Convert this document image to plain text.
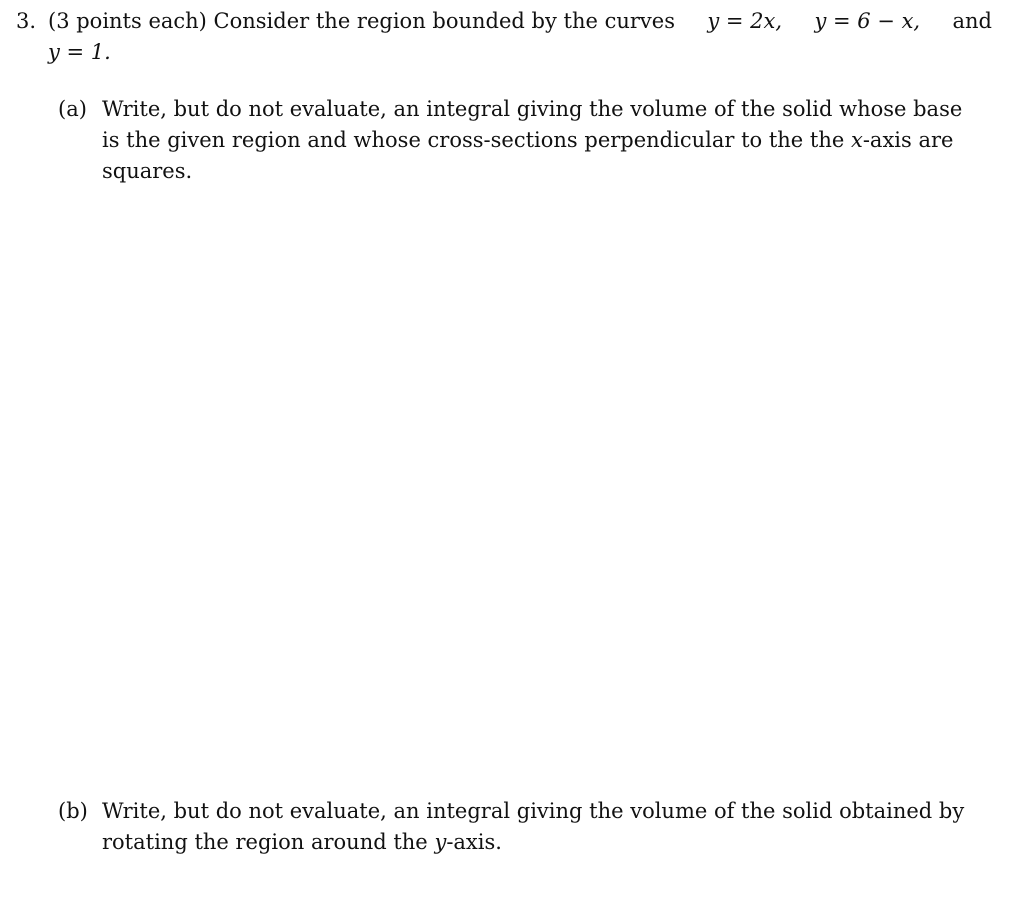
3. (3 points each) Consider the region bounded by the curves y = 2x, y = 6 − x, and
y = 1.
(a) Write, but do not evaluate, an integral giving the volume of the solid whose base
is the given region and whose cross-sections perpendicular to the the x-axis are
squares.
(b) Write, but do not evaluate, an integral giving the volume of the solid obtained by
rotating the region around the y-axis.
